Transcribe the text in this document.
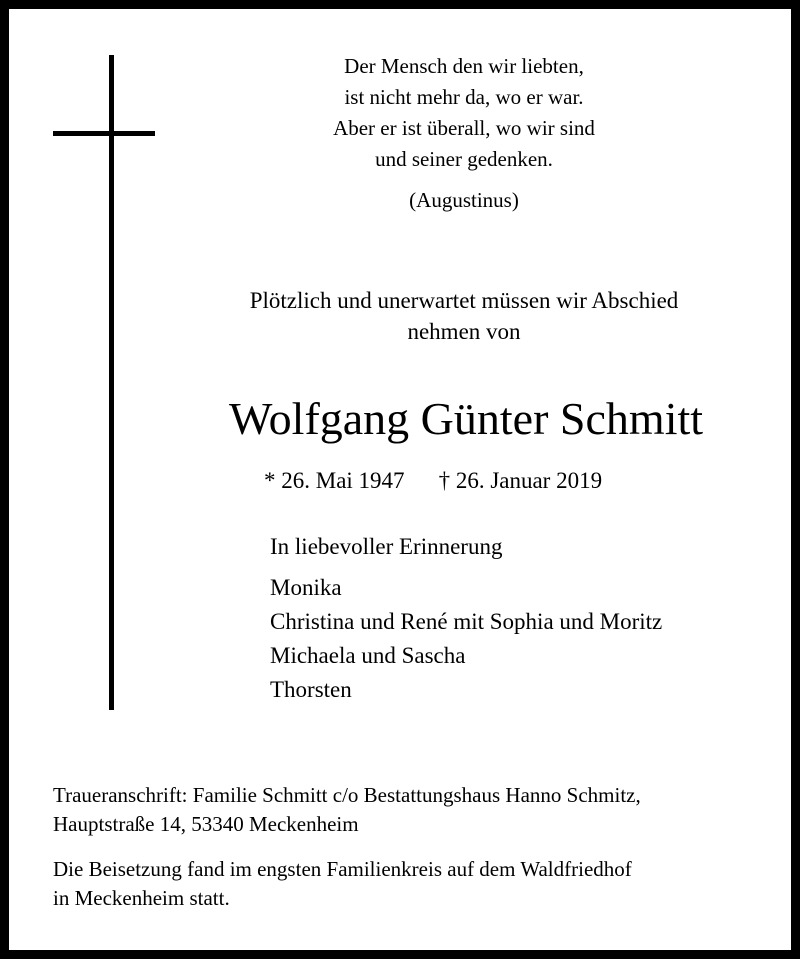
Der Mensch den wir liebten,
ist nicht mehr da, wo er war.
Aber er ist überall, wo wir sind
und seiner gedenken.
(Augustinus)
Plötzlich und unerwartet müssen wir Abschied
nehmen von
Wolfgang Günter Schmitt
* 26. Mai 1947 † 26. Januar 2019
In liebevoller Erinnerung
Monika
Christina und René mit Sophia und Moritz
Michaela und Sascha
Thorsten
Traueranschrift: Familie Schmitt c/o Bestattungshaus Hanno Schmitz,
Hauptstraße 14, 53340 Meckenheim
Die Beisetzung fand im engsten Familienkreis auf dem Waldfriedhof
in Meckenheim statt.
